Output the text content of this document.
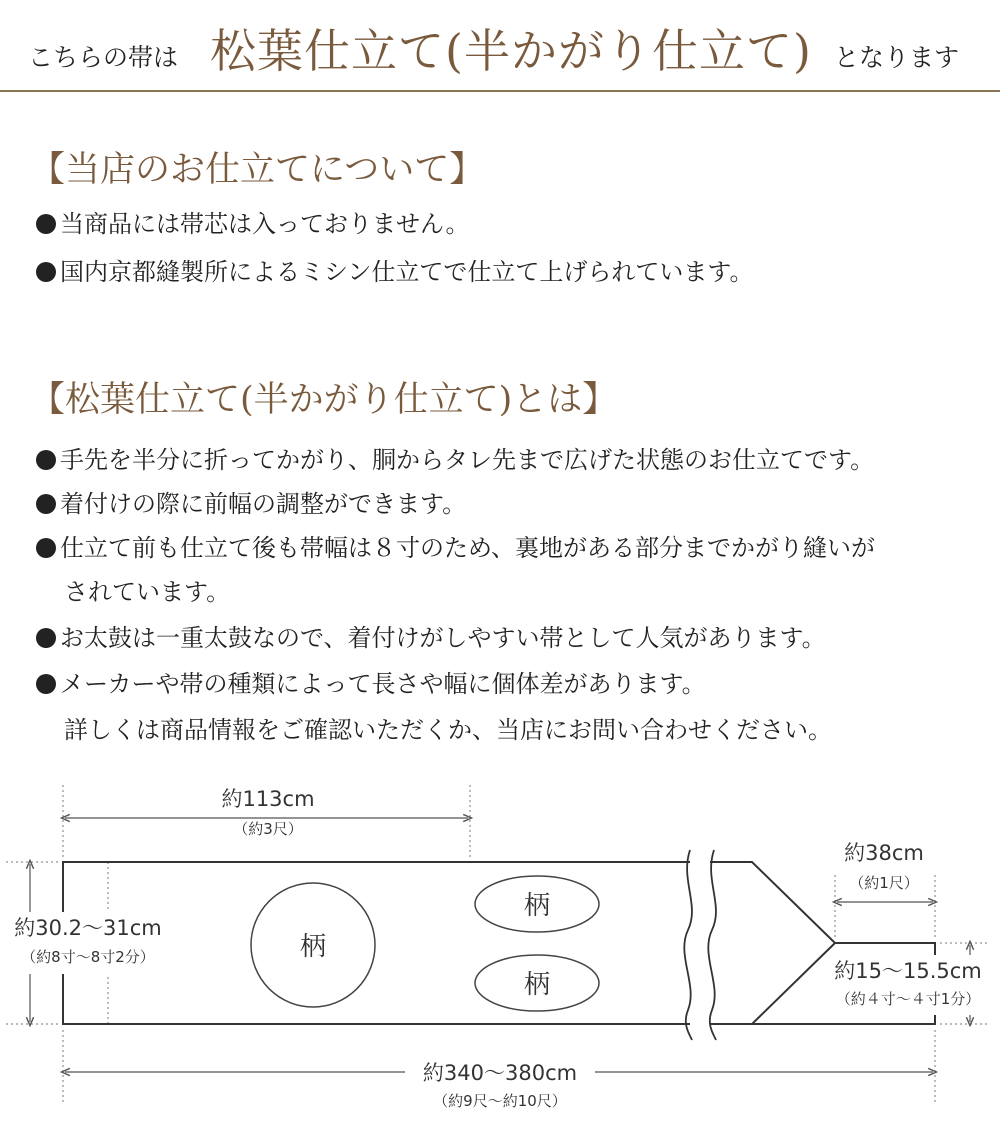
こちらの帯は 松葉仕立て(半かがり仕立て) となります
【当店のお仕立てについて】
当商品には帯芯は入っておりません。
国内京都縫製所によるミシン仕立てで仕立て上げられています。
【松葉仕立て(半かがり仕立て)とは】
手先を半分に折ってかがり、胴からタレ先まで広げた状態のお仕立てです。
着付けの際に前幅の調整ができます。
仕立て前も仕立て後も帯幅は８寸のため、裏地がある部分までかがり縫いが
されています。
お太鼓は一重太鼓なので、着付けがしやすい帯として人気があります。
メーカーや帯の種類によって長さや幅に個体差があります。
詳しくは商品情報をご確認いただくか、当店にお問い合わせください。
柄
柄
柄
約113cm
（約3尺）
約30.2～31cm
（約8寸～8寸2分）
約38cm
（約1尺）
約15～15.5cm
（約４寸～４寸1分）
約340～380cm
（約9尺～約10尺）
